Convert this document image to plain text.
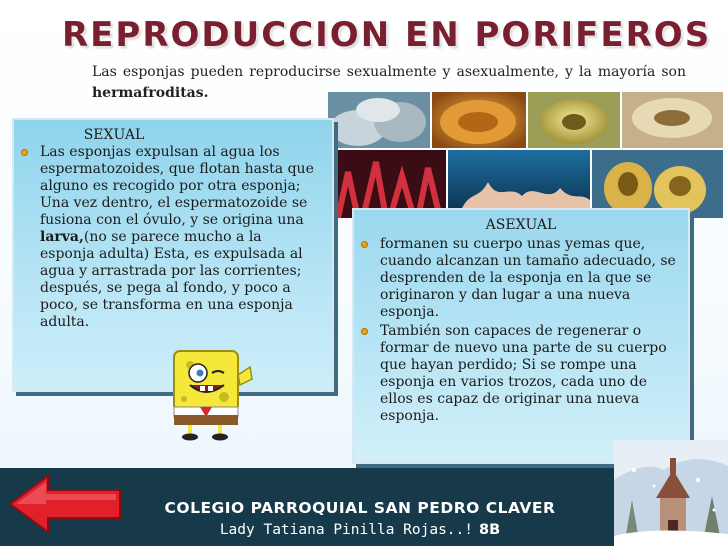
REPRODUCCION EN PORIFEROS
Las esponjas pueden reproducirse sexualmente y asexualmente, y la mayoría son hermafroditas.
SEXUAL
Las esponjas expulsan al agua los espermatozoides, que flotan hasta que alguno es recogido por otra esponja; Una vez dentro, el espermatozoide se fusiona con el óvulo, y se origina una larva,(no se parece mucho a la esponja adulta) Esta, es expulsada al agua y arrastrada por las corrientes; después, se pega al fondo, y poco a poco, se transforma en una esponja adulta.
ASEXUAL
formanen su cuerpo unas yemas que, cuando alcanzan un tamaño adecuado, se desprenden de la esponja en la que se originaron y dan lugar a una nueva esponja.
También son capaces de regenerar o formar de nuevo una parte de su cuerpo que hayan perdido; Si se rompe una esponja en varios trozos, cada uno de ellos es capaz de originar una nueva esponja.
COLEGIO PARROQUIAL SAN PEDRO CLAVER
Lady Tatiana Pinilla Rojas..! 8B
